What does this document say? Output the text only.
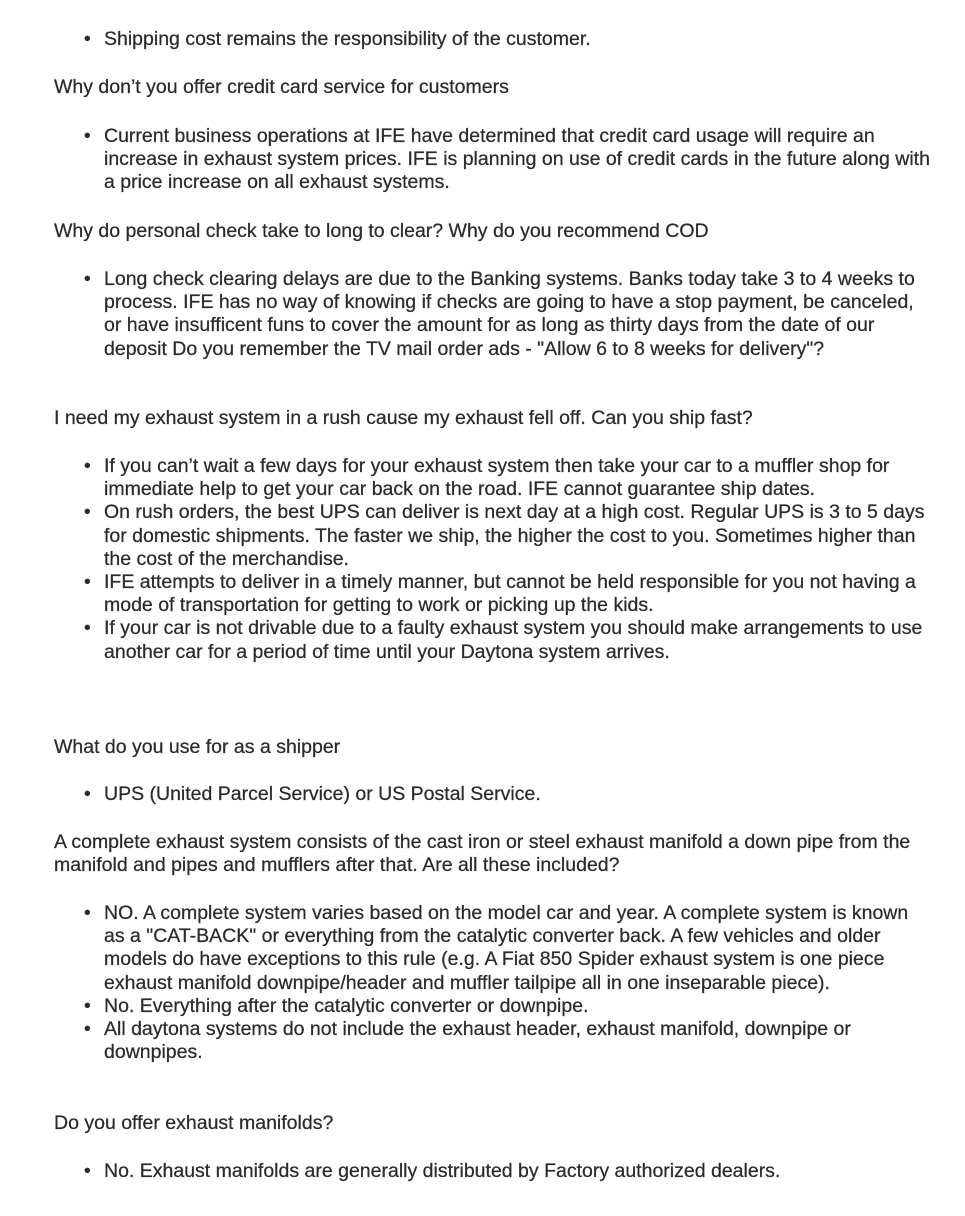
• Shipping cost remains the responsibility of the customer.

Why don’t you offer credit card service for customers

• Current business operations at IFE have determined that credit card usage will require an increase in exhaust system prices. IFE is planning on use of credit cards in the future along with a price increase on all exhaust systems.

Why do personal check take to long to clear? Why do you recommend COD

• Long check clearing delays are due to the Banking systems. Banks today take 3 to 4 weeks to process. IFE has no way of knowing if checks are going to have a stop payment, be canceled, or have insufficent funs to cover the amount for as long as thirty days from the date of our deposit Do you remember the TV mail order ads - "Allow 6 to 8 weeks for delivery"?

I need my exhaust system in a rush cause my exhaust fell off. Can you ship fast?

• If you can’t wait a few days for your exhaust system then take your car to a muffler shop for immediate help to get your car back on the road. IFE cannot guarantee ship dates.
• On rush orders, the best UPS can deliver is next day at a high cost. Regular UPS is 3 to 5 days for domestic shipments. The faster we ship, the higher the cost to you. Sometimes higher than the cost of the merchandise.
• IFE attempts to deliver in a timely manner, but cannot be held responsible for you not having a mode of transportation for getting to work or picking up the kids.
• If your car is not drivable due to a faulty exhaust system you should make arrangements to use another car for a period of time until your Daytona system arrives.

What do you use for as a shipper

• UPS (United Parcel Service) or US Postal Service.

A complete exhaust system consists of the cast iron or steel exhaust manifold a down pipe from the manifold and pipes and mufflers after that. Are all these included?

• NO. A complete system varies based on the model car and year. A complete system is known as a "CAT-BACK" or everything from the catalytic converter back. A few vehicles and older models do have exceptions to this rule (e.g. A Fiat 850 Spider exhaust system is one piece exhaust manifold downpipe/header and muffler tailpipe all in one inseparable piece).
• No. Everything after the catalytic converter or downpipe.
• All daytona systems do not include the exhaust header, exhaust manifold, downpipe or downpipes.

Do you offer exhaust manifolds?

• No. Exhaust manifolds are generally distributed by Factory authorized dealers.
